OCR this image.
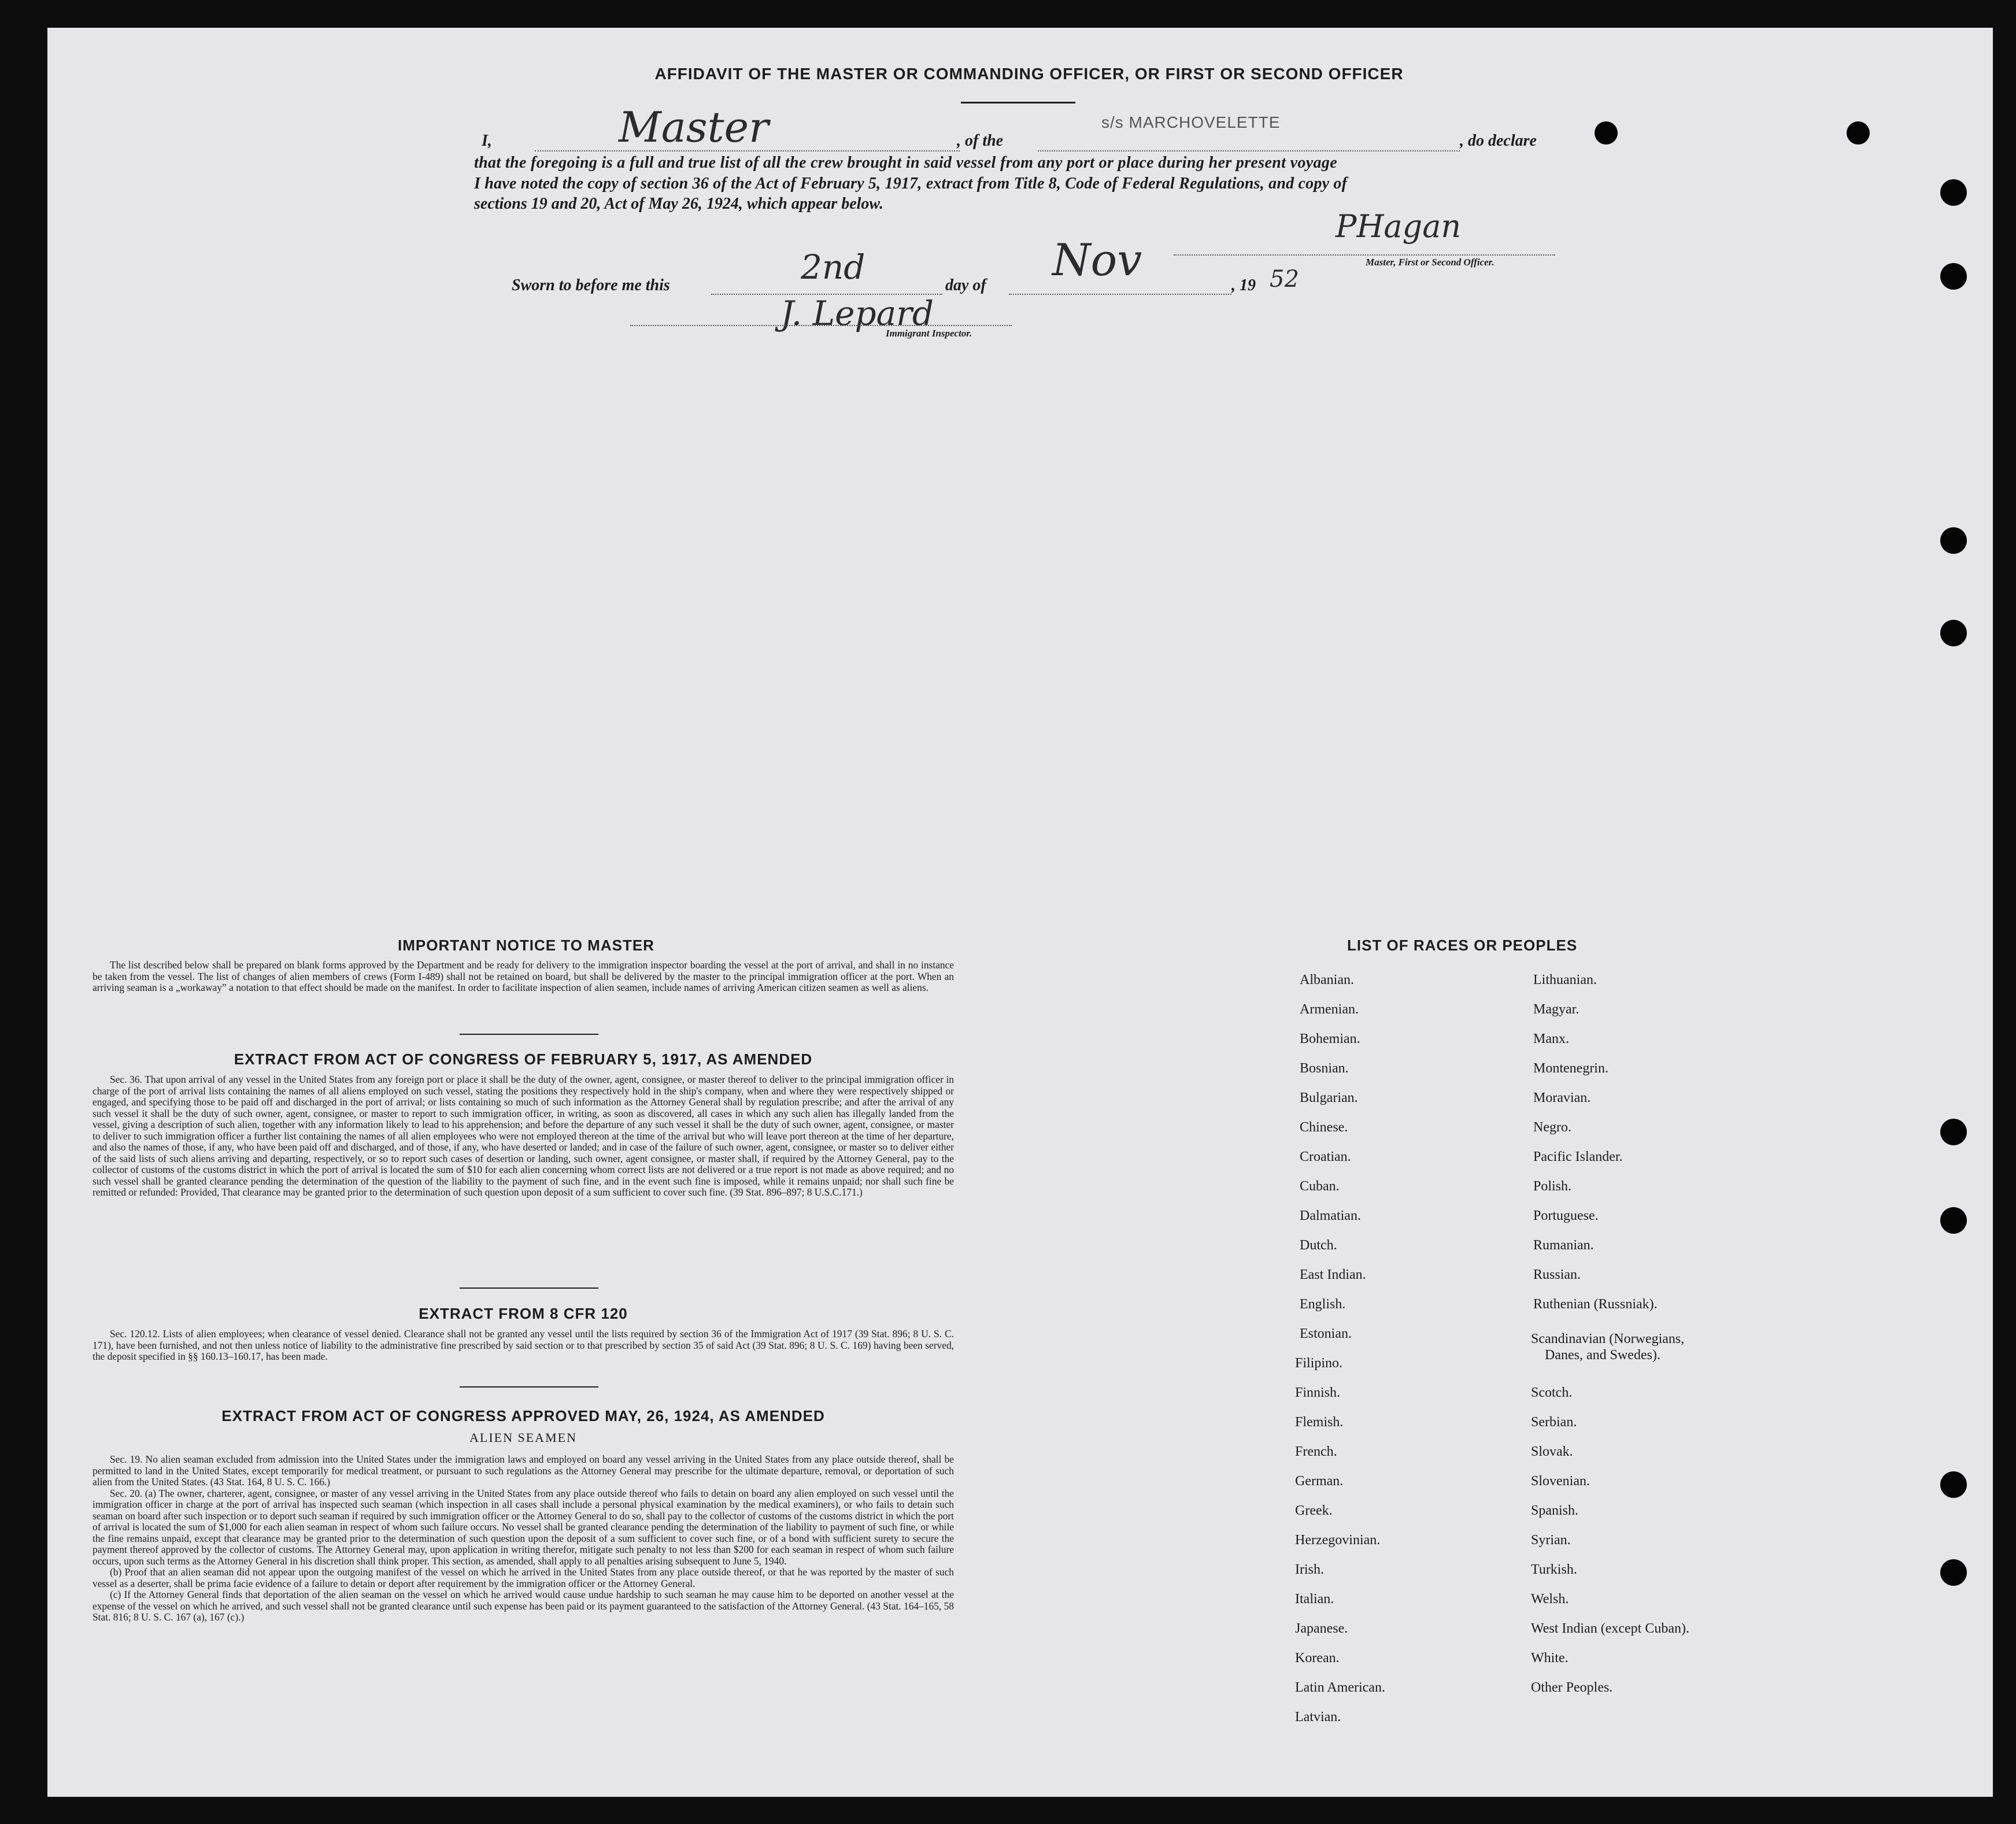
AFFIDAVIT OF THE MASTER OR COMMANDING OFFICER, OR FIRST OR SECOND OFFICER
I,	Master	, of the
s/s MARCHOVELETTE
, do declare
that the foregoing is a full and true list of all the crew brought in said vessel from any port or place during her present voyage
I have noted the copy of section 36 of the Act of February 5, 1917, extract from Title 8, Code of Federal Regulations, and copy of
sections 19 and 20, Act of May 26, 1924, which appear below.
PHagan
Master, First or Second Officer.
Sworn to before me this	2nd	day of Nov	, 19 52
J. Lepard
Immigrant Inspector.
IMPORTANT NOTICE TO MASTER

The list described below shall be prepared on blank forms approved by the Department and be ready for delivery to the immigration inspector boarding the vessel at the port of arrival, and shall in no instance be taken from the vessel. The list of changes of alien members of crews (Form I-489) shall not be retained on board, but shall be delivered by the master to the principal immigration officer at the port. When an arriving seaman is a „workaway” a notation to that effect should be made on the manifest. In order to facilitate inspection of alien seamen, include names of arriving American citizen seamen as well as aliens.

EXTRACT FROM ACT OF CONGRESS OF FEBRUARY 5, 1917, AS AMENDED

Sec. 36. That upon arrival of any vessel in the United States from any foreign port or place it shall be the duty of the owner, agent, consignee, or master thereof to deliver to the principal immigration officer in charge of the port of arrival lists containing the names of all aliens employed on such vessel, stating the positions they respectively hold in the ship's company, when and where they were respectively shipped or engaged, and specifying those to be paid off and discharged in the port of arrival; or lists containing so much of such information as the Attorney General shall by regulation prescribe; and after the arrival of any such vessel it shall be the duty of such owner, agent, consignee, or master to report to such immigration officer, in writing, as soon as discovered, all cases in which any such alien has illegally landed from the vessel, giving a description of such alien, together with any information likely to lead to his apprehension; and before the departure of any such vessel it shall be the duty of such owner, agent, consignee, or master to deliver to such immigration officer a further list containing the names of all alien employees who were not employed thereon at the time of the arrival but who will leave port thereon at the time of her departure, and also the names of those, if any, who have been paid off and discharged, and of those, if any, who have deserted or landed; and in case of the failure of such owner, agent, consignee, or master so to deliver either of the said lists of such aliens arriving and departing, respectively, or so to report such cases of desertion or landing, such owner, agent consignee, or master shall, if required by the Attorney General, pay to the collector of customs of the customs district in which the port of arrival is located the sum of $10 for each alien concerning whom correct lists are not delivered or a true report is not made as above required; and no such vessel shall be granted clearance pending the determination of the question of the liability to the payment of such fine, and in the event such fine is imposed, while it remains unpaid; nor shall such fine be remitted or refunded: Provided, That clearance may be granted prior to the determination of such question upon deposit of a sum sufficient to cover such fine. (39 Stat. 896–897; 8 U.S.C.171.)

EXTRACT FROM 8 CFR 120

Sec. 120.12. Lists of alien employees; when clearance of vessel denied. Clearance shall not be granted any vessel until the lists required by section 36 of the Immigration Act of 1917 (39 Stat. 896; 8 U. S. C. 171), have been furnished, and not then unless notice of liability to the administrative fine prescribed by said section or to that prescribed by section 35 of said Act (39 Stat. 896; 8 U. S. C. 169) having been served, the deposit specified in §§ 160.13–160.17, has been made.

EXTRACT FROM ACT OF CONGRESS APPROVED MAY, 26, 1924, AS AMENDED
ALIEN SEAMEN

Sec. 19. No alien seaman excluded from admission into the United States under the immigration laws and employed on board any vessel arriving in the United States from any place outside thereof, shall be permitted to land in the United States, except temporarily for medical treatment, or pursuant to such regulations as the Attorney General may prescribe for the ultimate departure, removal, or deportation of such alien from the United States. (43 Stat. 164, 8 U. S. C. 166.)

Sec. 20. (a) The owner, charterer, agent, consignee, or master of any vessel arriving in the United States from any place outside thereof who fails to detain on board any alien employed on such vessel until the immigration officer in charge at the port of arrival has inspected such seaman (which inspection in all cases shall include a personal physical examination by the medical examiners), or who fails to detain such seaman on board after such inspection or to deport such seaman if required by such immigration officer or the Attorney General to do so, shall pay to the collector of customs of the customs district in which the port of arrival is located the sum of $1,000 for each alien seaman in respect of whom such failure occurs. No vessel shall be granted clearance pending the determination of the liability to payment of such fine, or while the fine remains unpaid, except that clearance may be granted prior to the determination of such question upon the deposit of a sum sufficient to cover such fine, or of a bond with sufficient surety to secure the payment thereof approved by the collector of customs. The Attorney General may, upon application in writing therefor, mitigate such penalty to not less than $200 for each seaman in respect of whom such failure occurs, upon such terms as the Attorney General in his discretion shall think proper. This section, as amended, shall apply to all penalties arising subsequent to June 5, 1940.

(b) Proof that an alien seaman did not appear upon the outgoing manifest of the vessel on which he arrived in the United States from any place outside thereof, or that he was reported by the master of such vessel as a deserter, shall be prima facie evidence of a failure to detain or deport after requirement by the immigration officer or the Attorney General.

(c) If the Attorney General finds that deportation of the alien seaman on the vessel on which he arrived would cause undue hardship to such seaman he may cause him to be deported on another vessel at the expense of the vessel on which he arrived, and such vessel shall not be granted clearance until such expense has been paid or its payment guaranteed to the satisfaction of the Attorney General. (43 Stat. 164–165, 58 Stat. 816; 8 U. S. C. 167 (a), 167 (c).)

LIST OF RACES OR PEOPLES
Albanian.
Armenian.
Bohemian.
Bosnian.
Bulgarian.
Chinese.
Croatian.
Cuban.
Dalmatian.
Dutch.
East Indian.
English.
Estonian.
Filipino.
Finnish.
Flemish.
French.
German.
Greek.
Herzegovinian.
Irish.
Italian.
Japanese.
Korean.
Latin American.
Latvian.
Lithuanian.
Magyar.
Manx.
Montenegrin.
Moravian.
Negro.
Pacific Islander.
Polish.
Portuguese.
Rumanian.
Russian.
Ruthenian (Russniak).
Scandinavian (Norwegians,
Danes, and Swedes).
Scotch.
Serbian.
Slovak.
Slovenian.
Spanish.
Syrian.
Turkish.
Welsh.
West Indian (except Cuban).
White.
Other Peoples.
